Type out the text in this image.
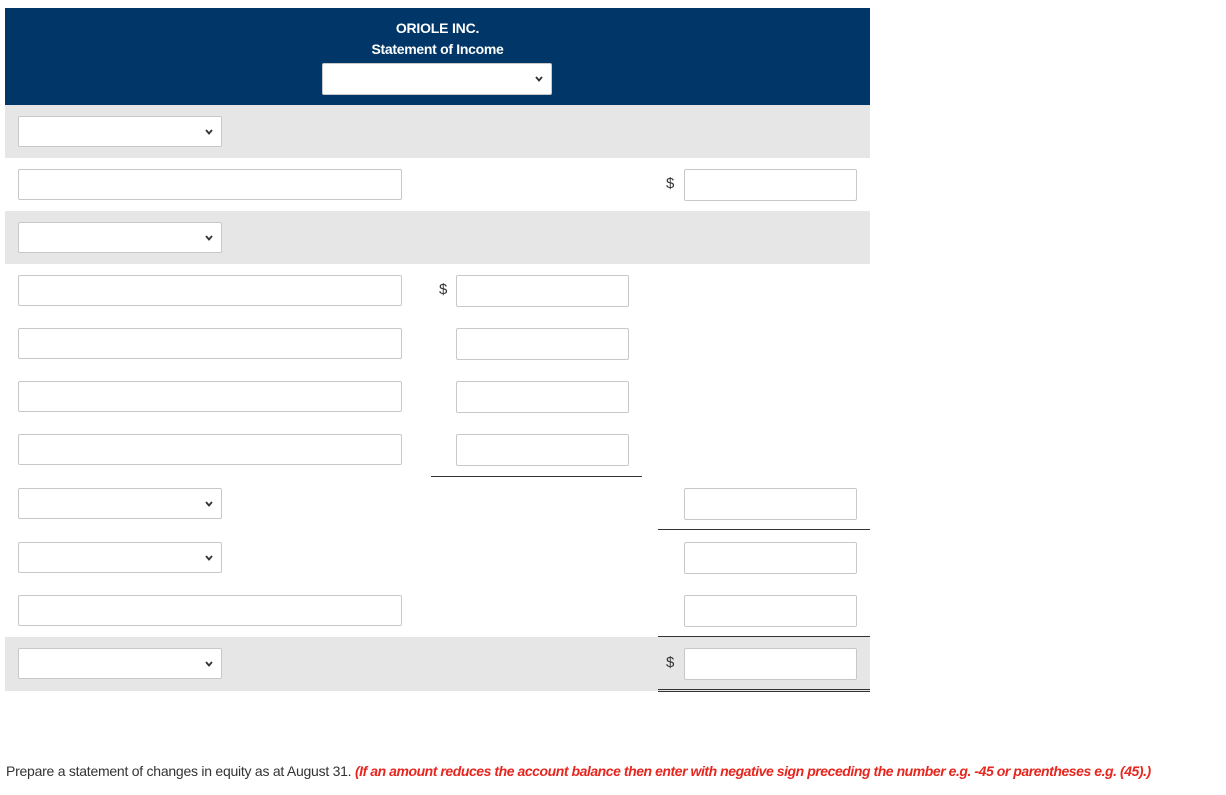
ORIOLE INC.
Statement of Income
$
$
$
Prepare a statement of changes in equity as at August 31. (If an amount reduces the account balance then enter with negative sign preceding the number e.g. -45 or parentheses e.g. (45).)
